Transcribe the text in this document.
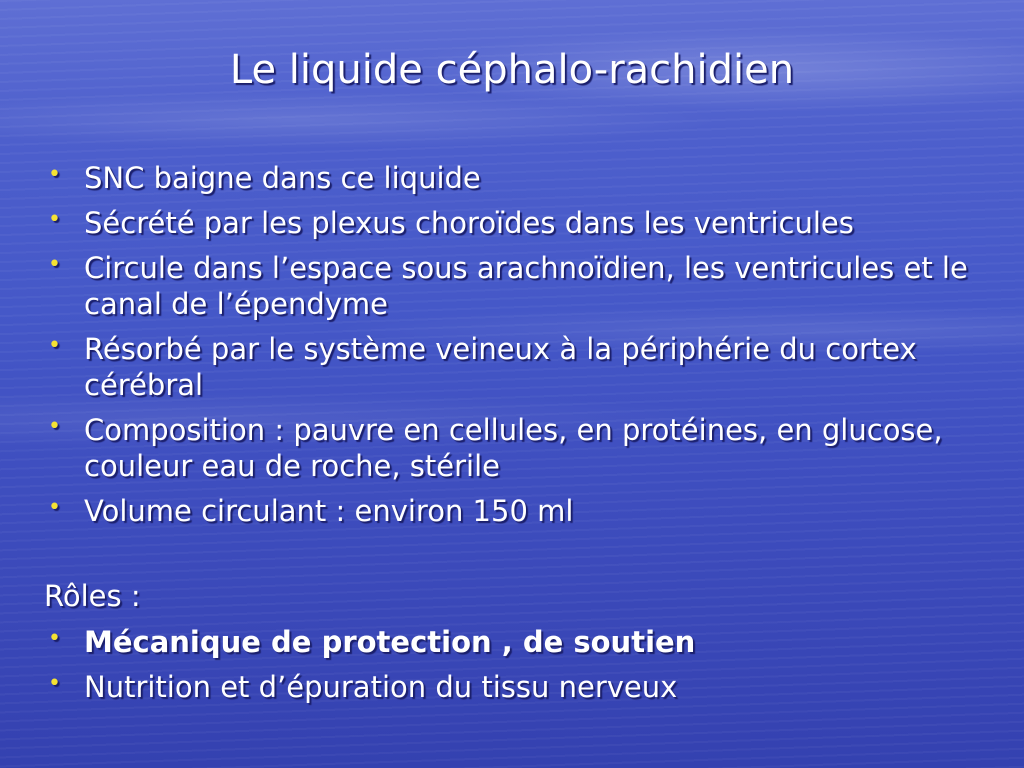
Le liquide céphalo-rachidien
• SNC baigne dans ce liquide
• Sécrété par les plexus choroïdes dans les ventricules
• Circule dans l’espace sous arachnoïdien, les ventricules et le canal de l’épendyme
• Résorbé par le système veineux à la périphérie du cortex cérébral
• Composition : pauvre en cellules, en protéines, en glucose, couleur eau de roche, stérile
• Volume circulant : environ 150 ml
Rôles :
• Mécanique de protection , de soutien
• Nutrition et d’épuration du tissu nerveux
